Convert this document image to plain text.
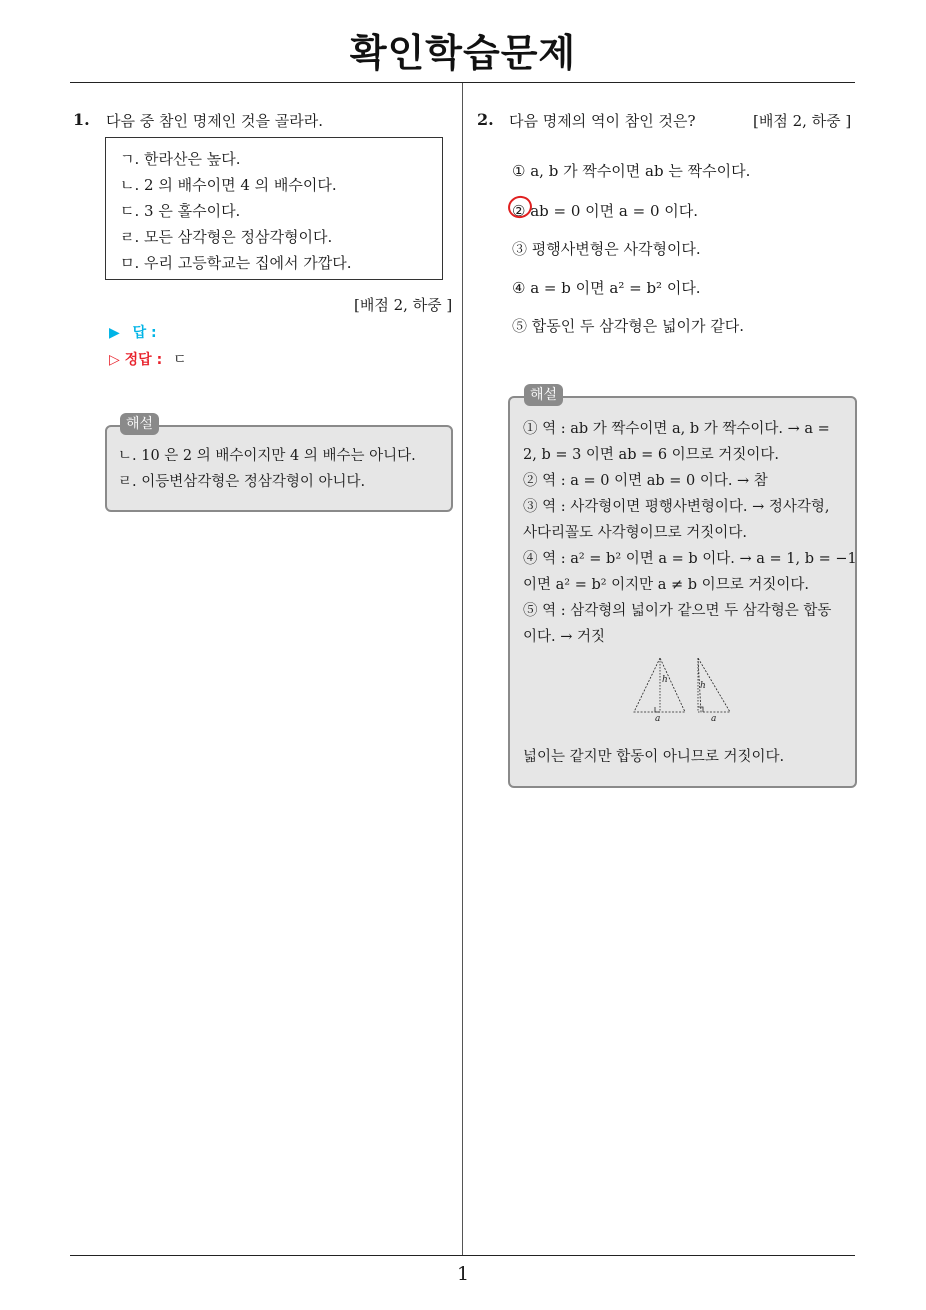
확인학습문제
1. 다음 중 참인 명제인 것을 골라라.
ㄱ. 한라산은 높다.
ㄴ. 2 의 배수이면 4 의 배수이다.
ㄷ. 3 은 홀수이다.
ㄹ. 모든 삼각형은 정삼각형이다.
ㅁ. 우리 고등학교는 집에서 가깝다.
[배점 2, 하중 ]
▶ 답 :
▷ 정답 : ㄷ
ㄴ. 10 은 2 의 배수이지만 4 의 배수는 아니다.
ㄹ. 이등변삼각형은 정삼각형이 아니다.
해설
2. 다음 명제의 역이 참인 것은?	[배점 2, 하중 ]
① a, b 가 짝수이면 ab 는 짝수이다.
② ab = 0 이면 a = 0 이다.
③ 평행사변형은 사각형이다.
④ a = b 이면 a² = b² 이다.
⑤ 합동인 두 삼각형은 넓이가 같다.
① 역 : ab 가 짝수이면 a, b 가 짝수이다. → a =
2, b = 3 이면 ab = 6 이므로 거짓이다.
② 역 : a = 0 이면 ab = 0 이다. → 참
③ 역 : 사각형이면 평행사변형이다. → 정사각형,
사다리꼴도 사각형이므로 거짓이다.
④ 역 : a² = b² 이면 a = b 이다. → a = 1, b = −1
이면 a² = b² 이지만 a ≠ b 이므로 거짓이다.
⑤ 역 : 삼각형의 넓이가 같으면 두 삼각형은 합동
이다. → 거짓
넓이는 같지만 합동이 아니므로 거짓이다.
해설
h
a
h
a
1
